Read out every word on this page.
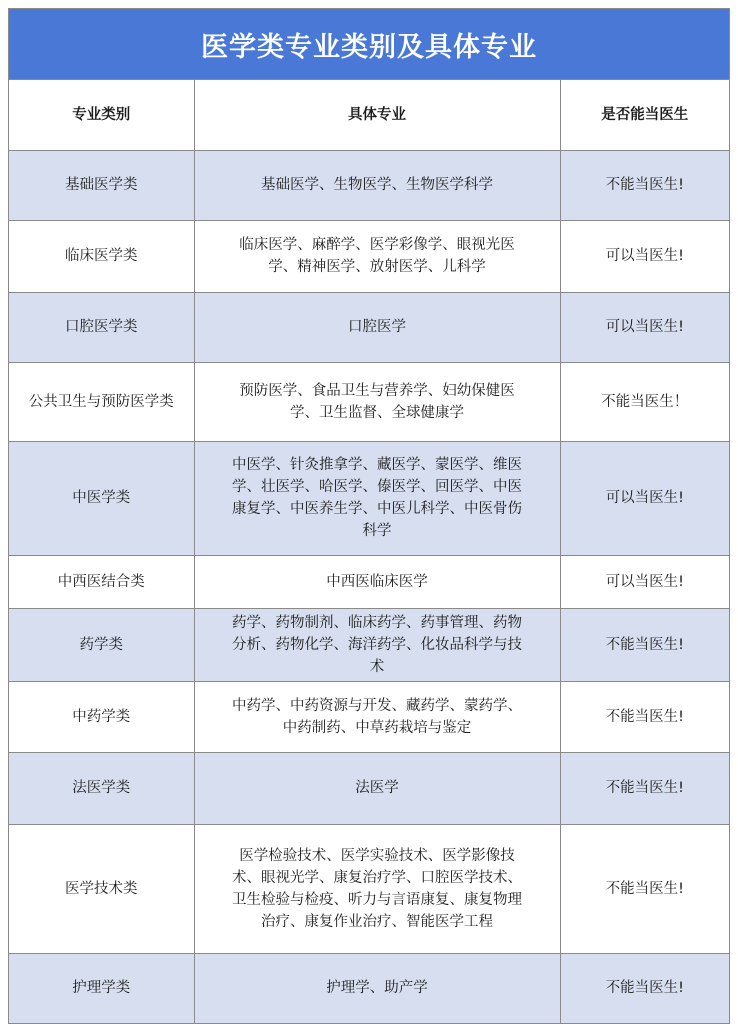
医学类专业类别及具体专业
专业类别	具体专业	是否能当医生
基础医学类	基础医学、生物医学、生物医学科学	不能当医生!
临床医学类	临床医学、麻醉学、医学彩像学、眼视光医学、精神医学、放射医学、儿科学	可以当医生!
口腔医学类	口腔医学	可以当医生!
公共卫生与预防医学类	预防医学、食品卫生与营养学、妇幼保健医学、卫生监督、全球健康学	不能当医生！
中医学类	中医学、针灸推拿学、藏医学、蒙医学、维医学、壮医学、哈医学、傣医学、回医学、中医康复学、中医养生学、中医儿科学、中医骨伤科学	可以当医生!
中西医结合类	中西医临床医学	可以当医生!
药学类	药学、药物制剂、临床药学、药事管理、药物分析、药物化学、海洋药学、化妆品科学与技术	不能当医生!
中药学类	中药学、中药资源与开发、藏药学、蒙药学、中药制药、中草药栽培与鉴定	不能当医生!
法医学类	法医学	不能当医生!
医学技术类	医学检验技术、医学实验技术、医学影像技术、眼视光学、康复治疗学、口腔医学技术、卫生检验与检疫、听力与言语康复、康复物理治疗、康复作业治疗、智能医学工程	不能当医生!
护理学类	护理学、助产学	不能当医生!
